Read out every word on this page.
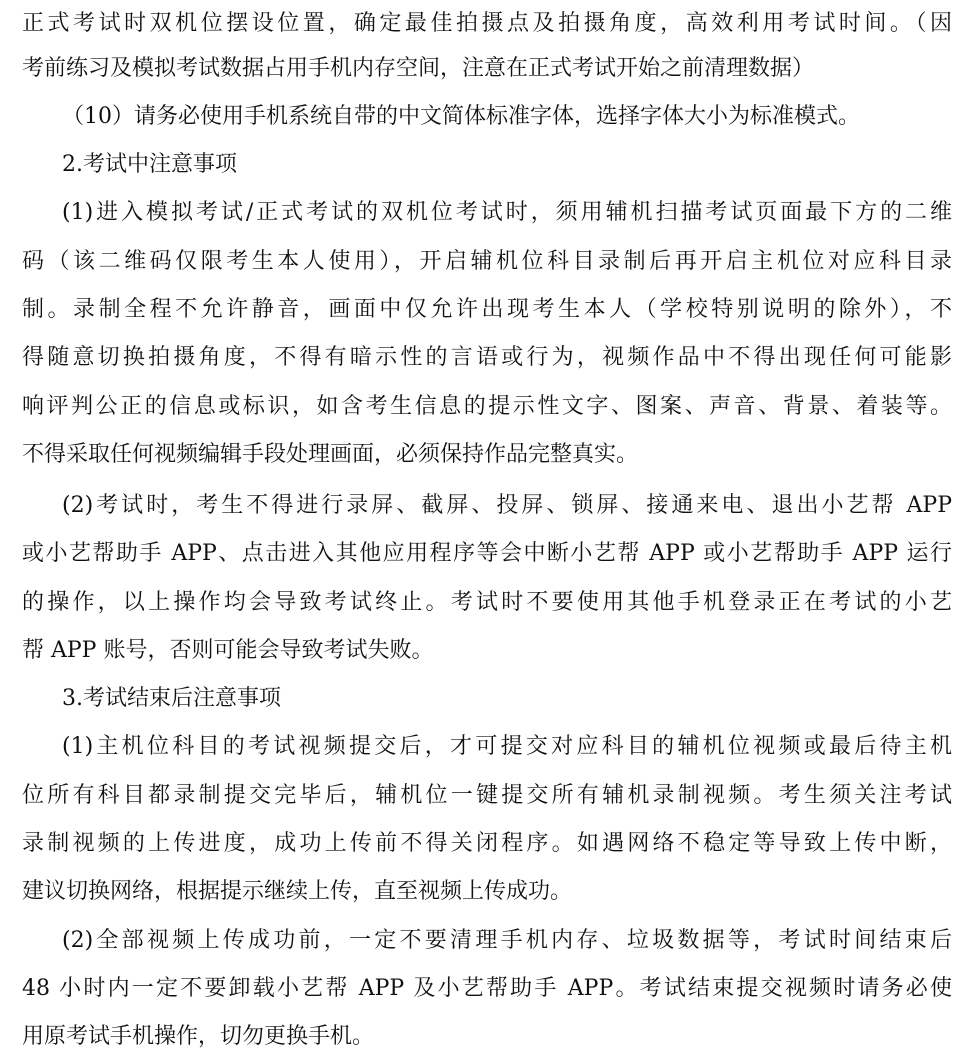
正式考试时双机位摆设位置，确定最佳拍摄点及拍摄角度，高效利用考试时间。（因

考前练习及模拟考试数据占用手机内存空间，注意在正式考试开始之前清理数据）

（10）请务必使用手机系统自带的中文简体标准字体，选择字体大小为标准模式。

2.考试中注意事项

(1)进入模拟考试/正式考试的双机位考试时，须用辅机扫描考试页面最下方的二维

码（该二维码仅限考生本人使用），开启辅机位科目录制后再开启主机位对应科目录

制。录制全程不允许静音，画面中仅允许出现考生本人（学校特别说明的除外），不

得随意切换拍摄角度，不得有暗示性的言语或行为，视频作品中不得出现任何可能影

响评判公正的信息或标识，如含考生信息的提示性文字、图案、声音、背景、着装等。

不得采取任何视频编辑手段处理画面，必须保持作品完整真实。

(2)考试时，考生不得进行录屏、截屏、投屏、锁屏、接通来电、退出小艺帮 APP

或小艺帮助手 APP、点击进入其他应用程序等会中断小艺帮 APP 或小艺帮助手 APP 运行

的操作，以上操作均会导致考试终止。考试时不要使用其他手机登录正在考试的小艺

帮 APP 账号，否则可能会导致考试失败。

3.考试结束后注意事项

(1)主机位科目的考试视频提交后，才可提交对应科目的辅机位视频或最后待主机

位所有科目都录制提交完毕后，辅机位一键提交所有辅机录制视频。考生须关注考试

录制视频的上传进度，成功上传前不得关闭程序。如遇网络不稳定等导致上传中断，

建议切换网络，根据提示继续上传，直至视频上传成功。

(2)全部视频上传成功前，一定不要清理手机内存、垃圾数据等，考试时间结束后

48 小时内一定不要卸载小艺帮 APP 及小艺帮助手 APP。考试结束提交视频时请务必使

用原考试手机操作，切勿更换手机。
